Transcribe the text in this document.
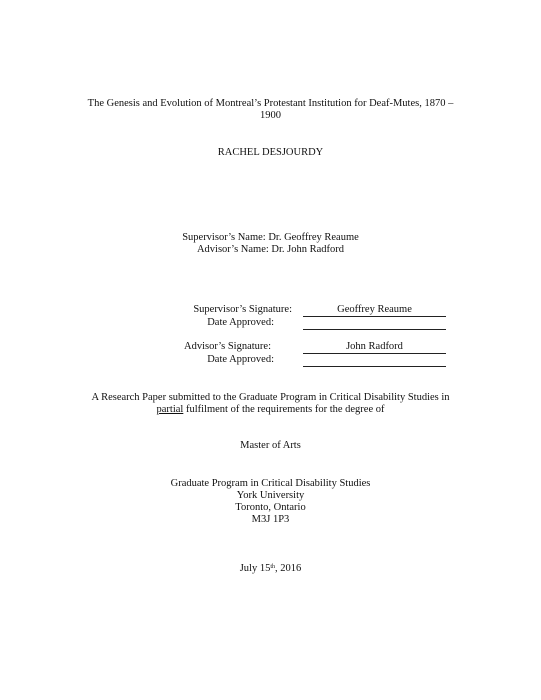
The Genesis and Evolution of Montreal’s Protestant Institution for Deaf-Mutes, 1870 –
1900
RACHEL DESJOURDY
Supervisor’s Name: Dr. Geoffrey Reaume
Advisor’s Name: Dr. John Radford
Supervisor’s Signature:	Geoffrey Reaume
Date Approved:
Advisor’s Signature:	John Radford
Date Approved:
A Research Paper submitted to the Graduate Program in Critical Disability Studies in
partial fulfilment of the requirements for the degree of
Master of Arts
Graduate Program in Critical Disability Studies
York University
Toronto, Ontario
M3J 1P3
July 15th, 2016
